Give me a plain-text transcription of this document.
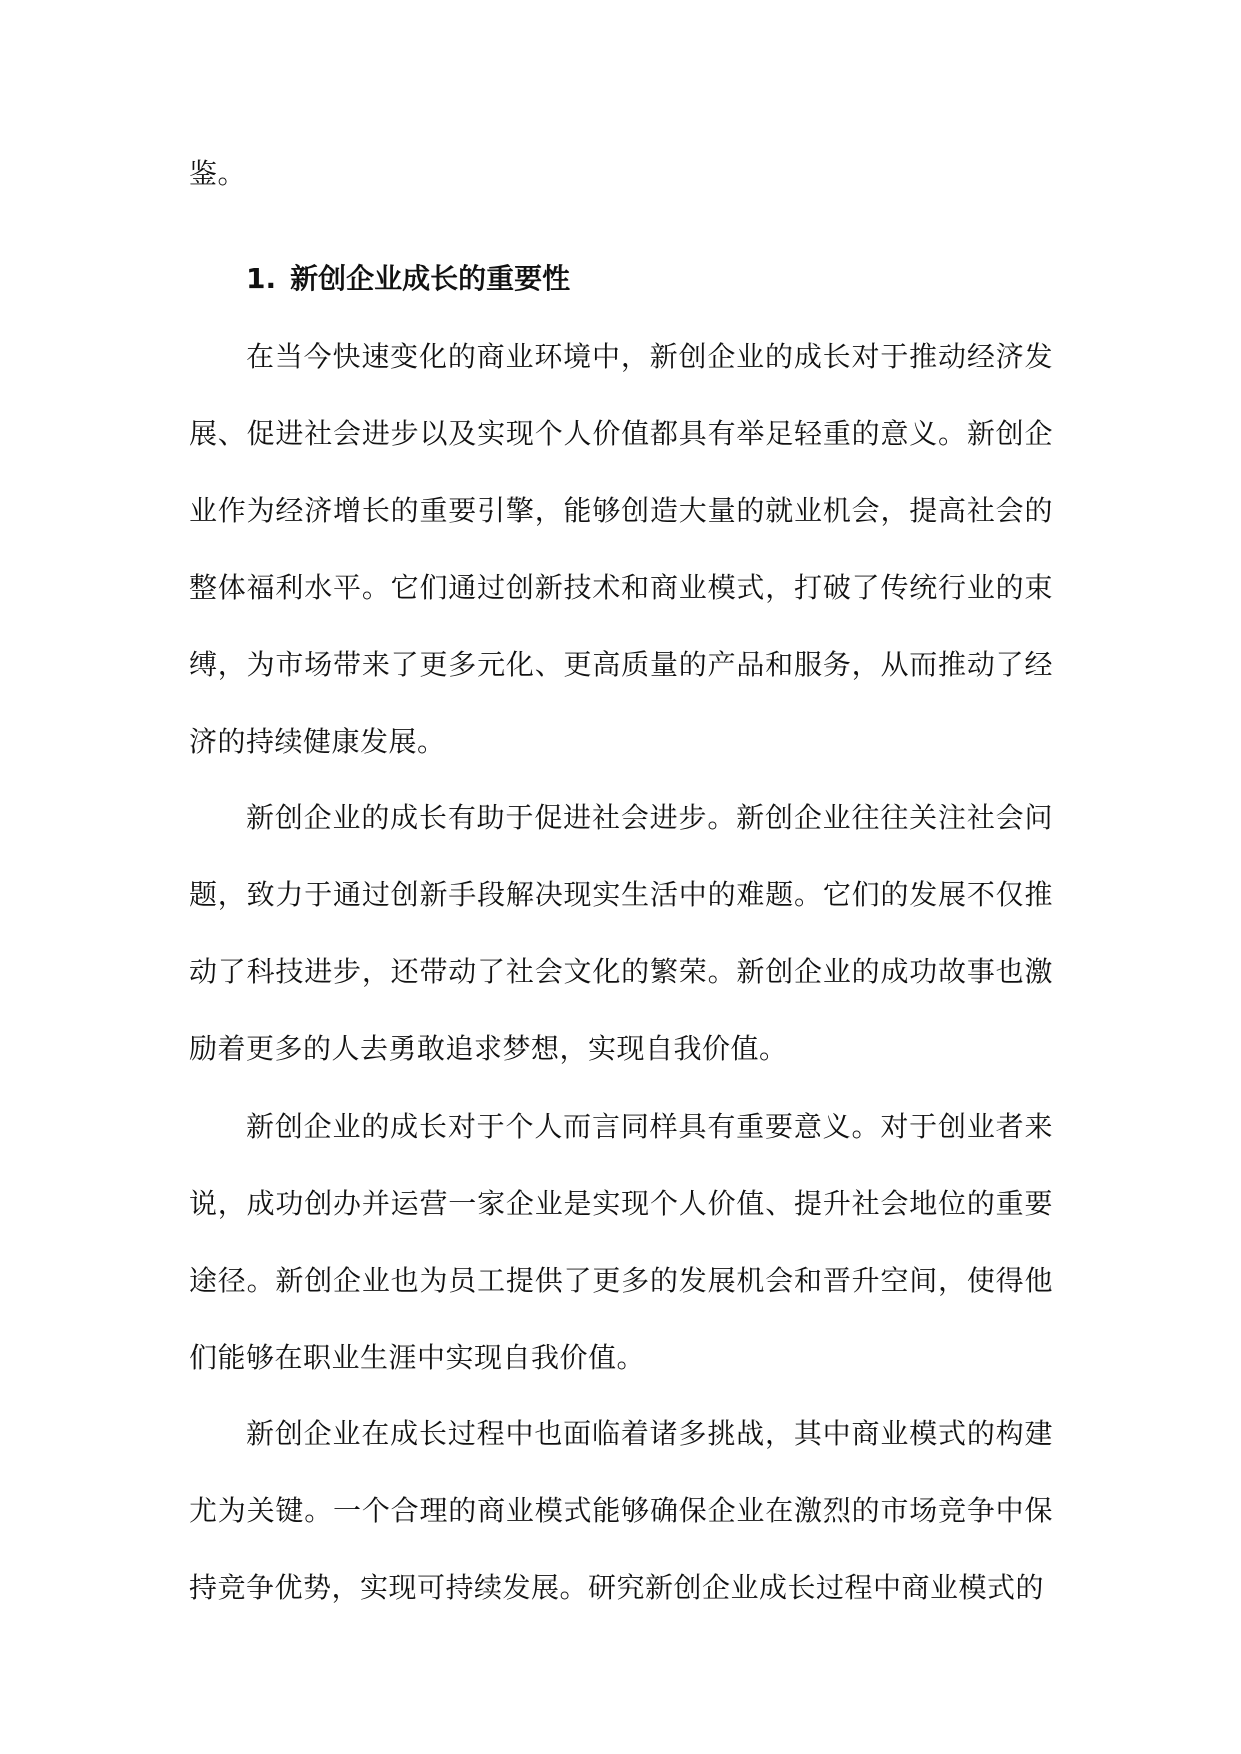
鉴。
1. 新创企业成长的重要性
在当今快速变化的商业环境中，新创企业的成长对于推动经济发展、促进社会进步以及实现个人价值都具有举足轻重的意义。新创企业作为经济增长的重要引擎，能够创造大量的就业机会，提高社会的整体福利水平。它们通过创新技术和商业模式，打破了传统行业的束缚，为市场带来了更多元化、更高质量的产品和服务，从而推动了经济的持续健康发展。
新创企业的成长有助于促进社会进步。新创企业往往关注社会问题，致力于通过创新手段解决现实生活中的难题。它们的发展不仅推动了科技进步，还带动了社会文化的繁荣。新创企业的成功故事也激励着更多的人去勇敢追求梦想，实现自我价值。
新创企业的成长对于个人而言同样具有重要意义。对于创业者来说，成功创办并运营一家企业是实现个人价值、提升社会地位的重要途径。新创企业也为员工提供了更多的发展机会和晋升空间，使得他们能够在职业生涯中实现自我价值。
新创企业在成长过程中也面临着诸多挑战，其中商业模式的构建尤为关键。一个合理的商业模式能够确保企业在激烈的市场竞争中保持竞争优势，实现可持续发展。研究新创企业成长过程中商业模式的
